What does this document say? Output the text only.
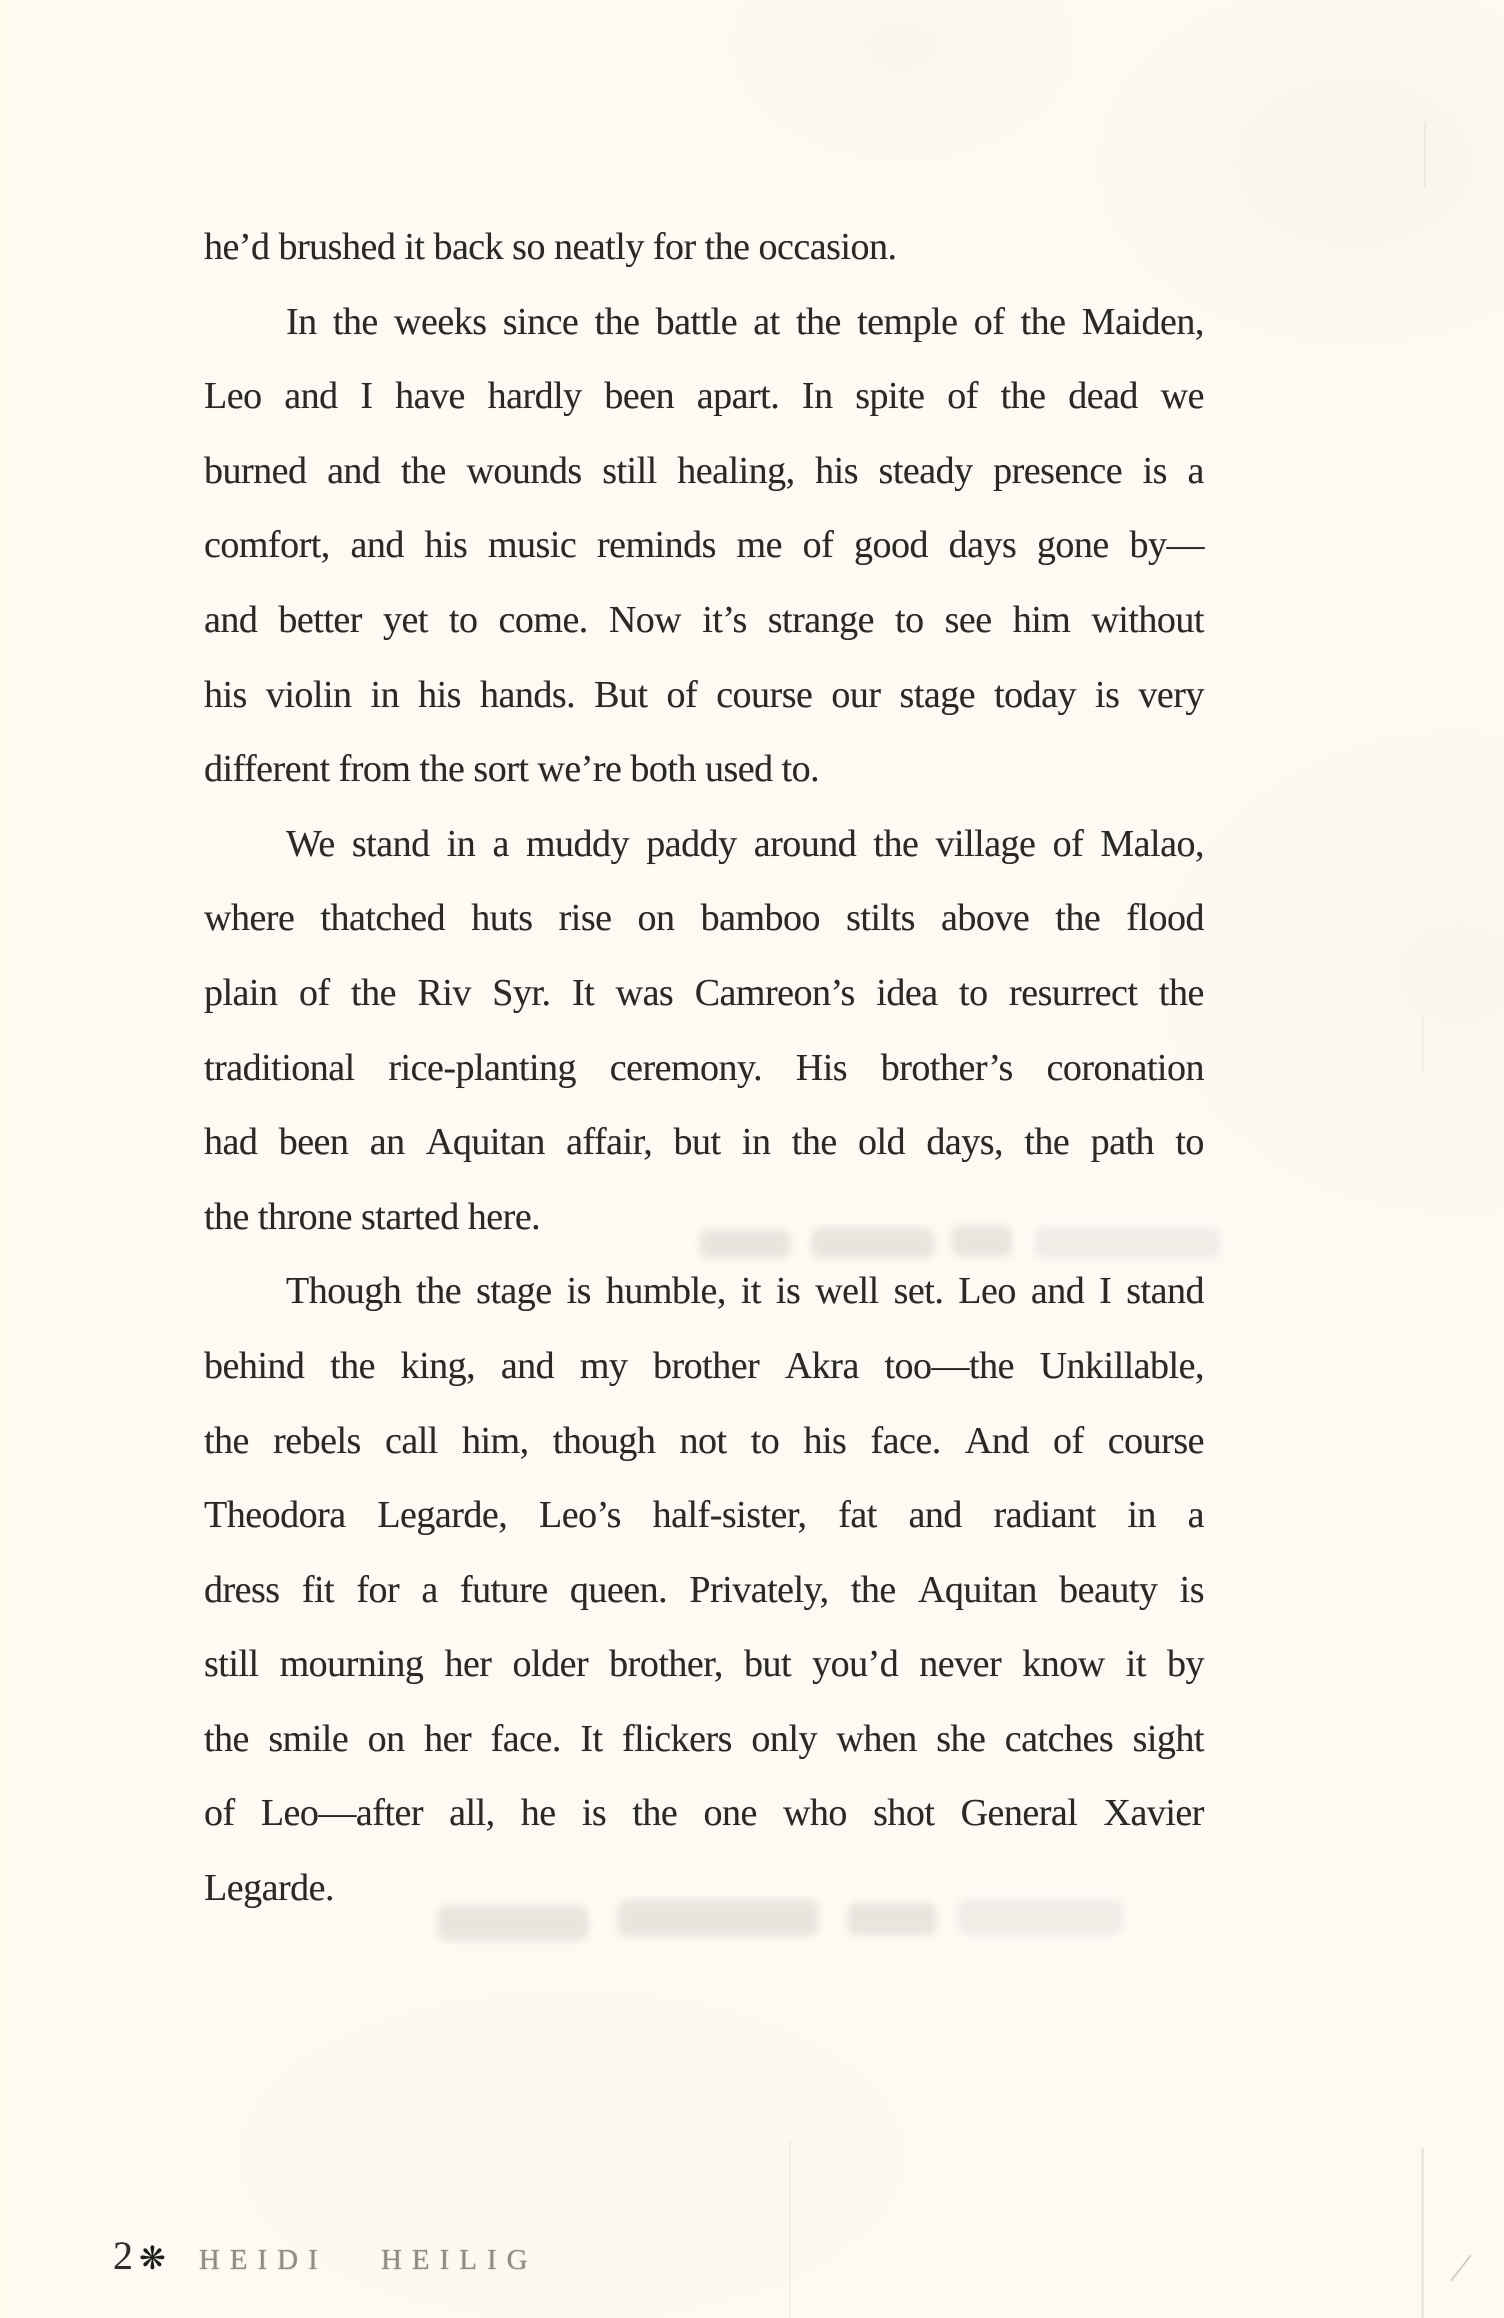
he’d brushed it back so neatly for the occasion.
In the weeks since the battle at the temple of the Maiden,
Leo and I have hardly been apart. In spite of the dead we
burned and the wounds still healing, his steady presence is a
comfort, and his music reminds me of good days gone by—
and better yet to come. Now it’s strange to see him without
his violin in his hands. But of course our stage today is very
different from the sort we’re both used to.
We stand in a muddy paddy around the village of Malao,
where thatched huts rise on bamboo stilts above the flood
plain of the Riv Syr. It was Camreon’s idea to resurrect the
traditional rice-planting ceremony. His brother’s coronation
had been an Aquitan affair, but in the old days, the path to
the throne started here.
Though the stage is humble, it is well set. Leo and I stand
behind the king, and my brother Akra too—the Unkillable,
the rebels call him, though not to his face. And of course
Theodora Legarde, Leo’s half-sister, fat and radiant in a
dress fit for a future queen. Privately, the Aquitan beauty is
still mourning her older brother, but you’d never know it by
the smile on her face. It flickers only when she catches sight
of Leo—after all, he is the one who shot General Xavier
Legarde.
2 ❋ HEIDI HEILIG
